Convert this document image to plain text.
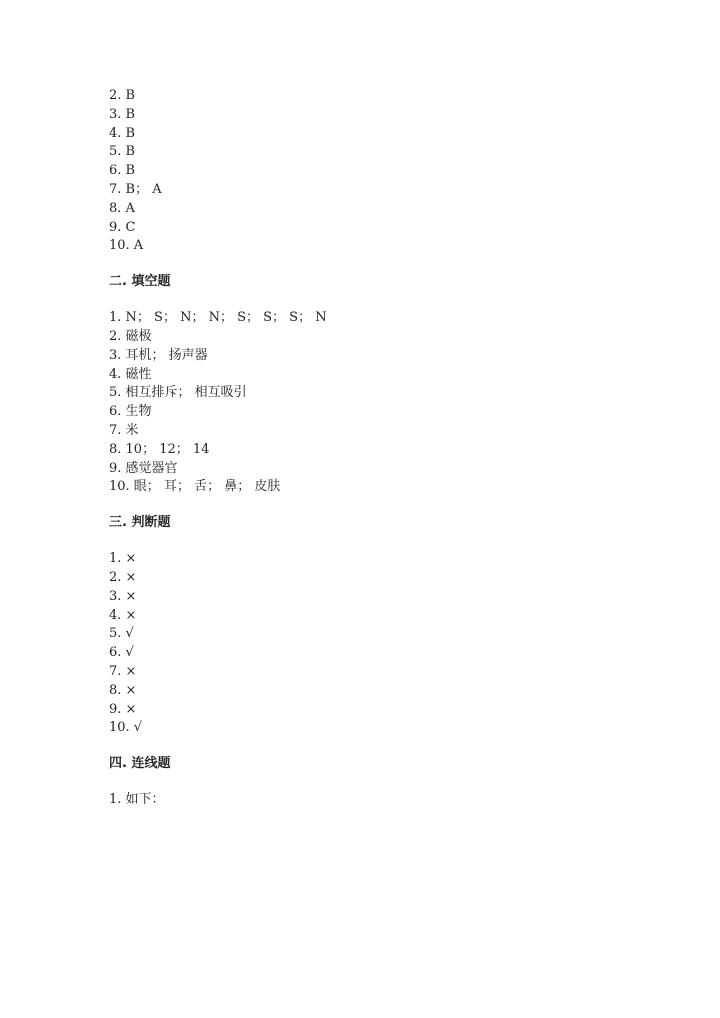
2. B
3. B
4. B
5. B
6. B
7. B； A
8. A
9. C
10. A
二. 填空题
1. N； S； N； N； S； S； S； N
2. 磁极
3. 耳机； 扬声器
4. 磁性
5. 相互排斥； 相互吸引
6. 生物
7. 米
8. 10； 12； 14
9. 感觉器官
10. 眼； 耳； 舌； 鼻； 皮肤
三. 判断题
1. ×
2. ×
3. ×
4. ×
5. √
6. √
7. ×
8. ×
9. ×
10. √
四. 连线题
1. 如下：
